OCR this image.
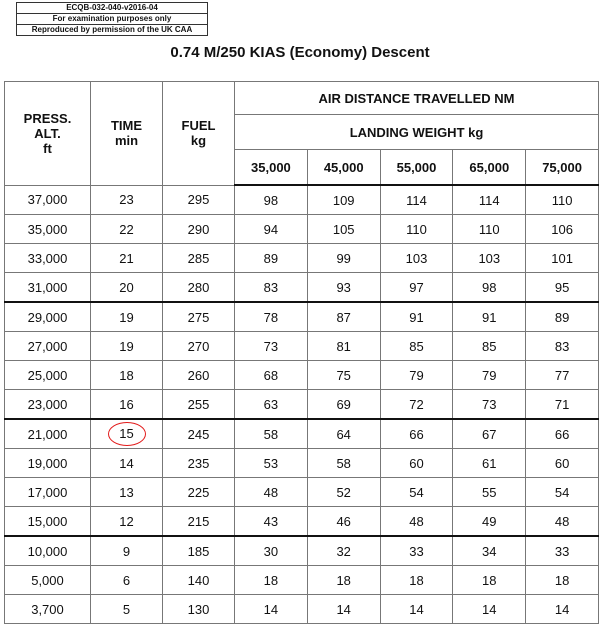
ECQB-032-040-v2016-04
For examination purposes only
Reproduced by permission of the UK CAA
0.74 M/250 KIAS (Economy) Descent
PRESS.
ALT.
ft	TIME
min	FUEL
kg	AIR DISTANCE TRAVELLED NM				
			LANDING WEIGHT kg				
			35,000	45,000	55,000	65,000	75,000
37,000	23	295	98	109	114	114	110
35,000	22	290	94	105	110	110	106
33,000	21	285	89	99	103	103	101
31,000	20	280	83	93	97	98	95
29,000	19	275	78	87	91	91	89
27,000	19	270	73	81	85	85	83
25,000	18	260	68	75	79	79	77
23,000	16	255	63	69	72	73	71
21,000	15	245	58	64	66	67	66
19,000	14	235	53	58	60	61	60
17,000	13	225	48	52	54	55	54
15,000	12	215	43	46	48	49	48
10,000	9	185	30	32	33	34	33
5,000	6	140	18	18	18	18	18
3,700	5	130	14	14	14	14	14
